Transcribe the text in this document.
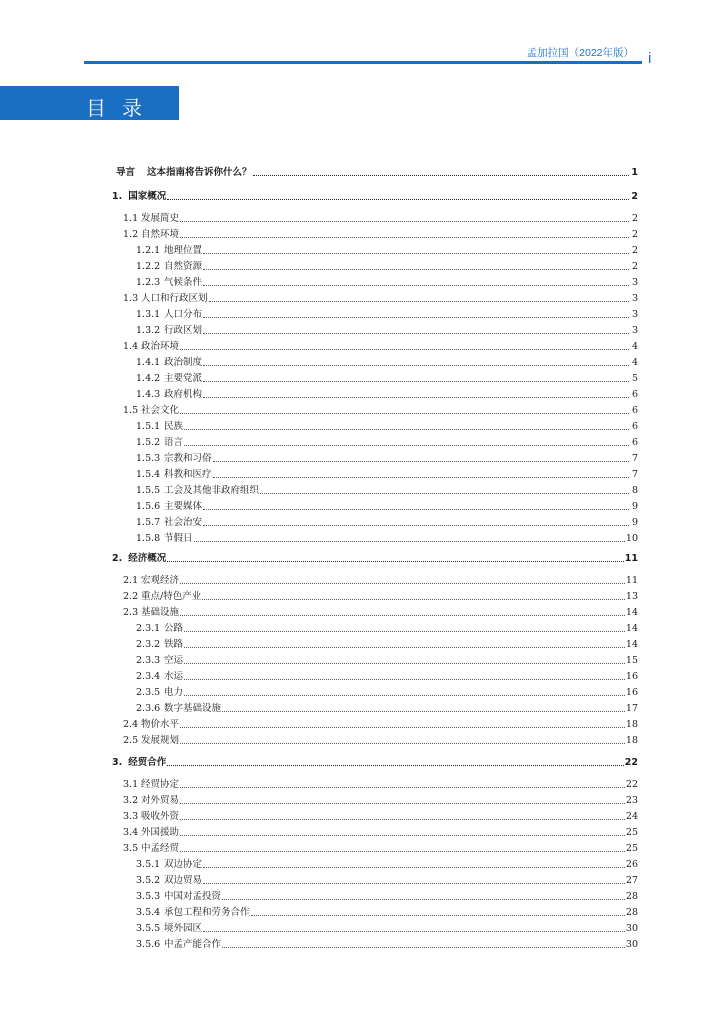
孟加拉国（2022年版） i
目录
导言 这本指南将告诉你什么？	1
1. 国家概况	2
1.1 发展简史	2
1.2 自然环境	2
1.2.1 地理位置	2
1.2.2 自然资源	2
1.2.3 气候条件	3
1.3 人口和行政区划	3
1.3.1 人口分布	3
1.3.2 行政区划	3
1.4 政治环境	4
1.4.1 政治制度	4
1.4.2 主要党派	5
1.4.3 政府机构	6
1.5 社会文化	6
1.5.1 民族	6
1.5.2 语言	6
1.5.3 宗教和习俗	7
1.5.4 科教和医疗	7
1.5.5 工会及其他非政府组织	8
1.5.6 主要媒体	9
1.5.7 社会治安	9
1.5.8 节假日	10
2. 经济概况	11
2.1 宏观经济	11
2.2 重点/特色产业	13
2.3 基础设施	14
2.3.1 公路	14
2.3.2 铁路	14
2.3.3 空运	15
2.3.4 水运	16
2.3.5 电力	16
2.3.6 数字基础设施	17
2.4 物价水平	18
2.5 发展规划	18
3. 经贸合作	22
3.1 经贸协定	22
3.2 对外贸易	23
3.3 吸收外资	24
3.4 外国援助	25
3.5 中孟经贸	25
3.5.1 双边协定	26
3.5.2 双边贸易	27
3.5.3 中国对孟投资	28
3.5.4 承包工程和劳务合作	28
3.5.5 境外园区	30
3.5.6 中孟产能合作	30
